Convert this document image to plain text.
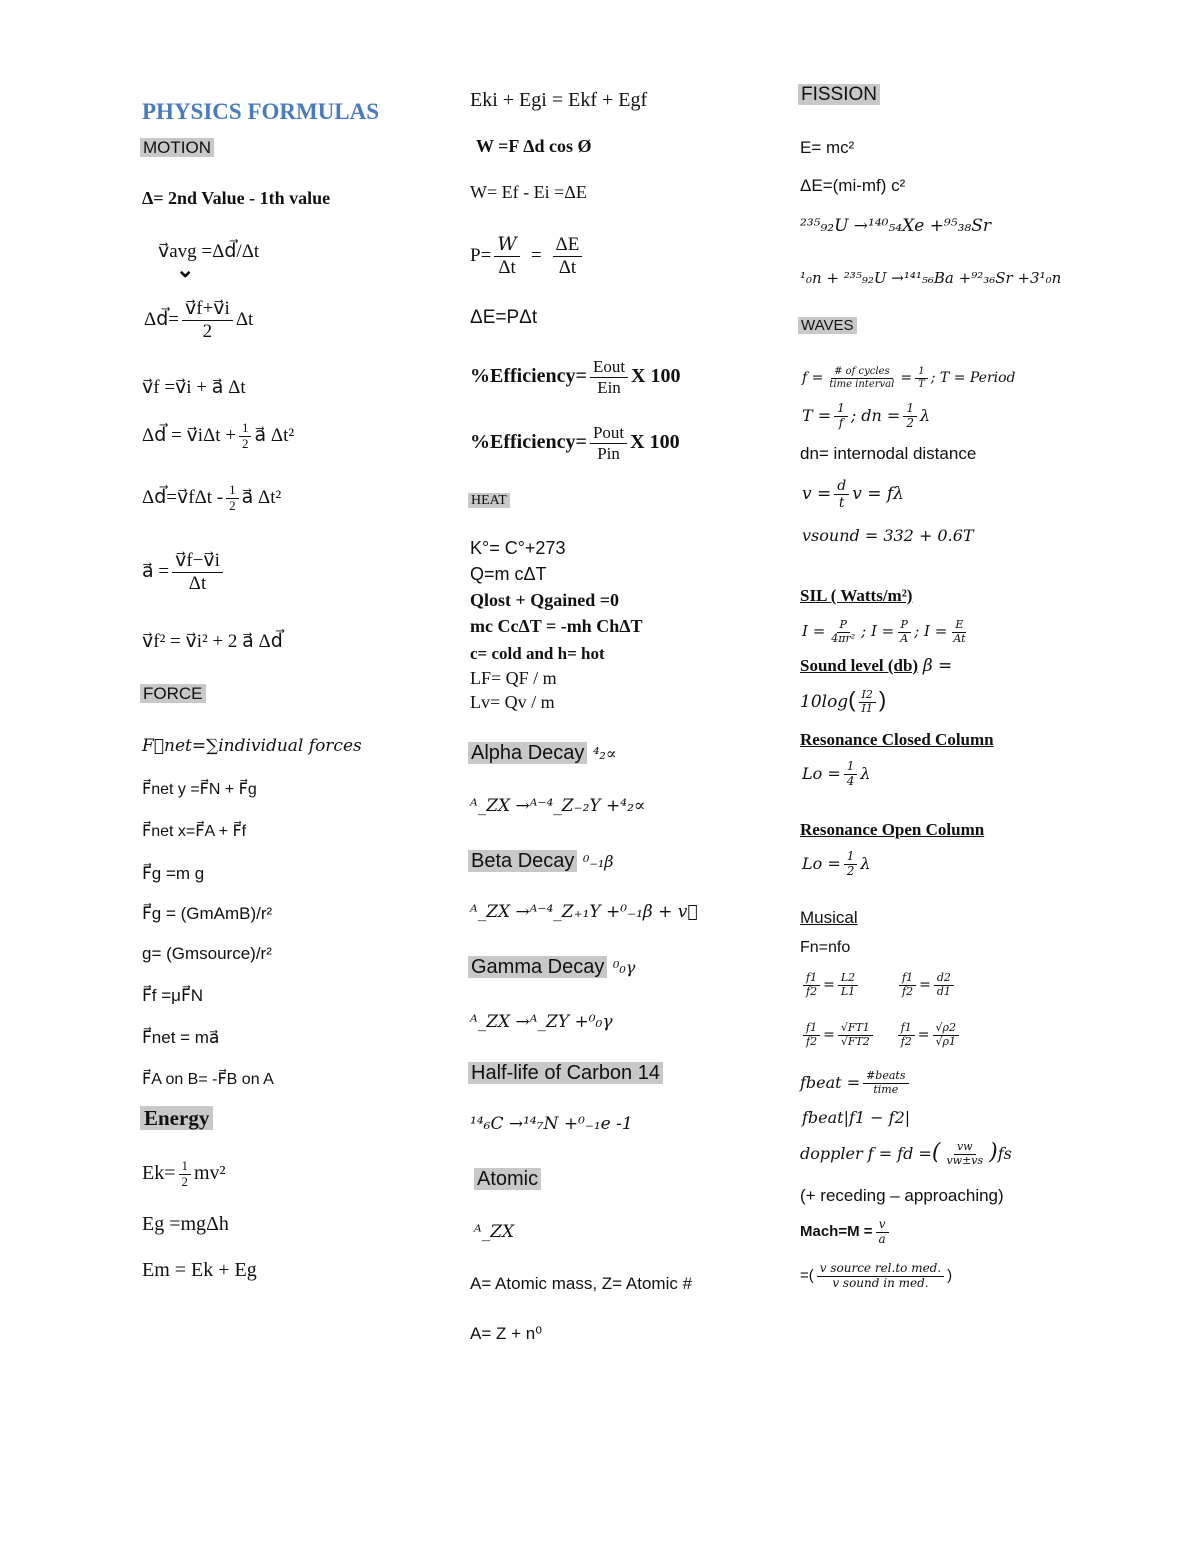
PHYSICS FORMULAS
MOTION
Δ= 2nd Value - 1th value
v⃗avg =Δd⃗/Δt
⌄
Δd⃗= $\frac{v⃗f+v⃗i}{2}$ Δt
v⃗f =v⃗i + a⃗ Δt
Δd⃗ = v⃗iΔt + $\frac{1}{2}$ a⃗ Δt²
Δd⃗=v⃗fΔt - $\frac{1}{2}$ a⃗ Δt²
a⃗ = $\frac{v⃗f-v⃗i}{\Delta t}$
v⃗f² = v⃗i² + 2 a⃗ Δd⃗
FORCE
F⃗net=∑individual forces
F⃗net y =F⃗N + F⃗g
F⃗net x=F⃗A + F⃗f
F⃗g =m g
F⃗g = (GmAmB)/r²
g= (Gmsource)/r²
F⃗f =μF⃗N
F⃗net = ma⃗
F⃗A on B= -F⃗B on A
Energy
$Ek= \frac{1}{2} mv^2$
Eg =mgΔh
Em = Ek + Eg
Eki + Egi = Ekf + Egf
W =F Δd cos Ø
W= Ef - Ei =ΔE
$P= \frac{W}{\Delta t} = \frac{\Delta E}{\Delta t}$
ΔE=PΔt
%Efficiency= $\frac{\text{Eout}}{\text{Ein}}$ X 100
%Efficiency= $\frac{\text{Pout}}{\text{Pin}}$ X 100
HEAT
K°= C°+273
Q=m cΔT
Qlost + Qgained =0
mc CcΔT = -mh ChΔT
c= cold and h= hot
LF= QF / m
Lv= Qv / m
Alpha Decay ⁴₂∝
ᴬ_ZX →ᴬ⁻⁴_Z₋₂Y +⁴₂∝
Beta Decay ⁰₋₁β
ᴬ_ZX →ᴬ⁻⁴_Z₊₁Y +⁰₋₁β + v⃗
Gamma Decay ⁰₀γ
ᴬ_ZX →ᴬ_ZY +⁰₀γ
Half-life of Carbon 14
¹⁴₆C →¹⁴₇N +⁰₋₁e -1
Atomic
ᴬ_ZX
A= Atomic mass, Z= Atomic #
A= Z + n⁰
FISSION
E= mc²
ΔE=(mi-mf) c²
²³⁵₉₂U →¹⁴⁰₅₄Xe +⁹⁵₃₈Sr
¹₀n + ²³⁵₉₂U →¹⁴¹₅₆Ba +⁹²₃₆Sr +3¹₀n
WAVES
$f = \frac{\text{\# of cycles}}{\text{time interval}} = \frac{1}{T}$ ; T = Period
$T = \frac{1}{f}$ ; dn = $\frac{1}{2}$ λ
dn= internodal distance
$v = \frac{d}{t}$ v = fλ
vsound = 332 + 0.6T
SIL ( Watts/m²)
$I = \frac{P}{\text{4πr²}}$ ; $I = \frac{P}{A}$ ; $I = \frac{E}{At}$
Sound level (db) β =
$10\log( \frac{I2}{I1}$ )
Resonance Closed Column
$Lo = \frac{1}{4}$ λ
Resonance Open Column
$Lo = \frac{1}{2}$ λ
Musical
Fn=nfo
$\frac{f1}{f2} = \frac{L2}{L1}$
	$\frac{f1}{f2} = \frac{d2}{d1}$
$\frac{f1}{f2} = \frac{√FT1}{√FT2}$
$\frac{f1}{f2} = \frac{√\rho 2}{√\rho 1}$
fbeat = $\frac{\text{\#beats}}{\text{time}}$
fbeat|f1 − f2|
doppler f = fd =( $\frac{vw}{vw\pm vs} )fs$
(+ receding – approaching)
Mach=M = $\frac{v}{a}$
=( $\frac{\text{v source rel.to med.}}{\text{v sound in med.}}$ )
